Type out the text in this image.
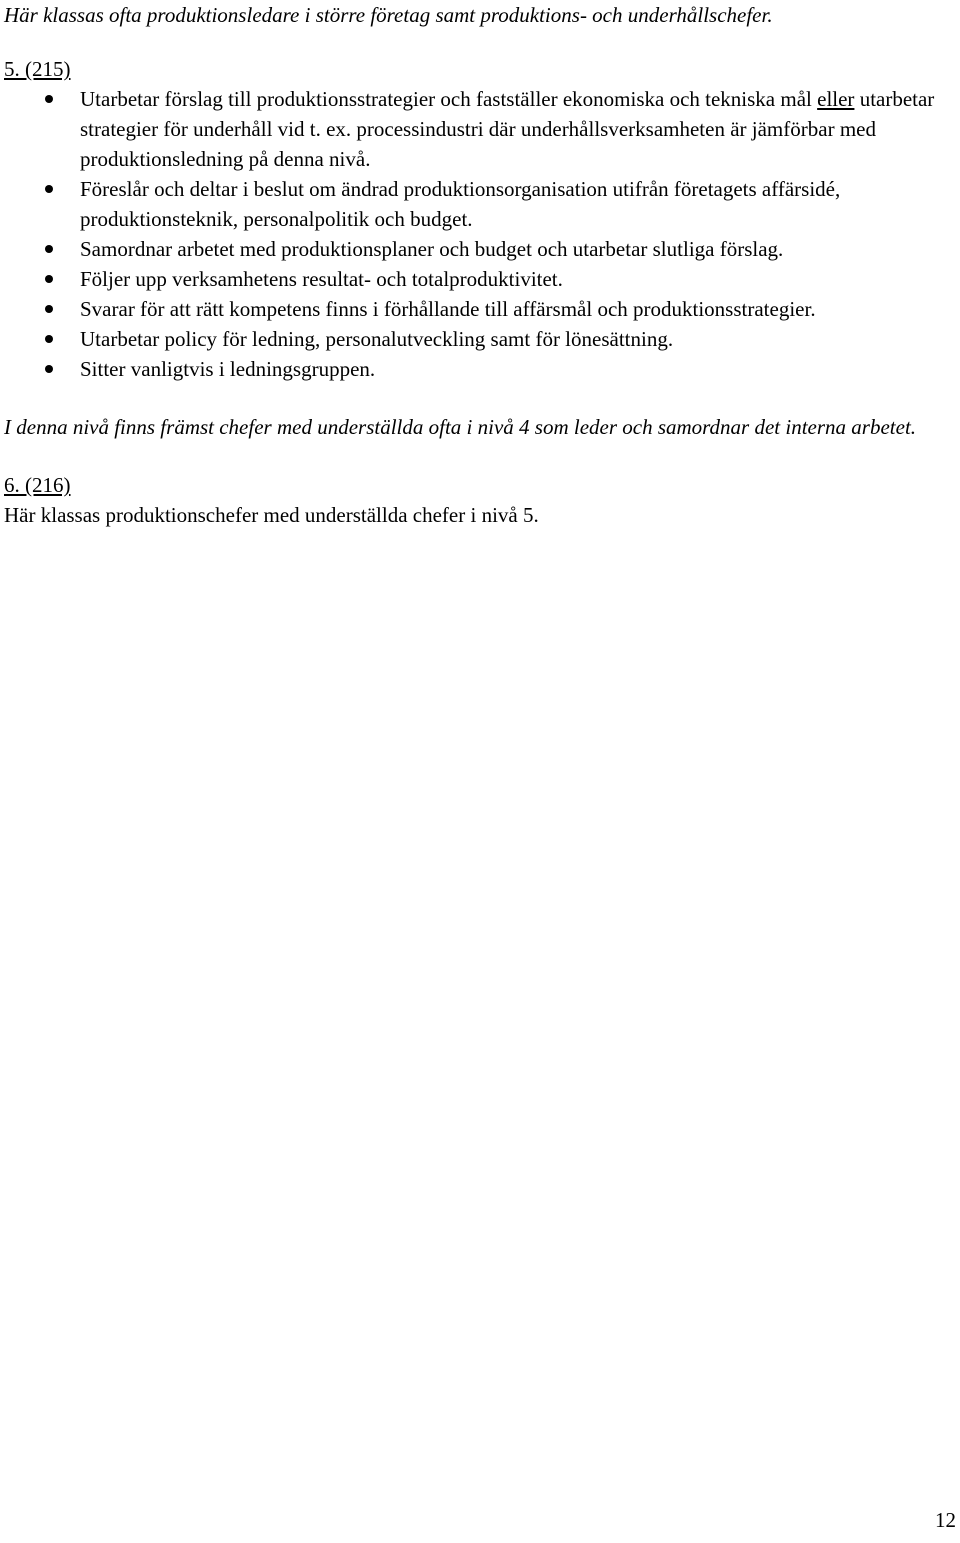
Här klassas ofta produktionsledare i större företag samt produktions- och underhållschefer.

5. (215)

Utarbetar förslag till produktionsstrategier och fastställer ekonomiska och tekniska mål eller utarbetar strategier för underhåll vid t. ex. processindustri där underhållsverksamheten är jämförbar med produktionsledning på denna nivå.
Föreslår och deltar i beslut om ändrad produktionsorganisation utifrån företagets affärsidé, produktionsteknik, personalpolitik och budget.
Samordnar arbetet med produktionsplaner och budget och utarbetar slutliga förslag.
Följer upp verksamhetens resultat- och totalproduktivitet.
Svarar för att rätt kompetens finns i förhållande till affärsmål och produktionsstrategier.
Utarbetar policy för ledning, personalutveckling samt för lönesättning.
Sitter vanligtvis i ledningsgruppen.

I denna nivå finns främst chefer med underställda ofta i nivå 4 som leder och samordnar det interna arbetet.

6. (216)

Här klassas produktionschefer med underställda chefer i nivå 5.

12
